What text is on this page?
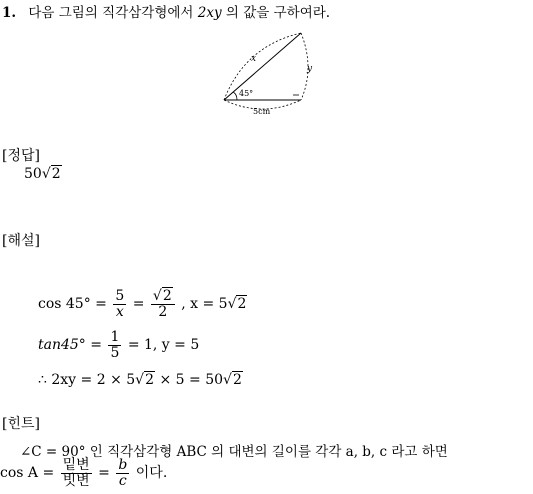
1. 다음 그림의 직각삼각형에서 2xy 의 값을 구하여라.
x
y
45°
5cm
[정답]
50√2
[해설]
$\cos 45^\circ = \frac{5}{x} = \frac{√2}{2}$ , x = 5√2
$\tan 45^\circ = \frac{1}{5} = 1$, y = 5
∴ 2xy = 2 × 5√2 × 5 = 50√2
[힌트]
∠C = 90° 인 직각삼각형 ABC 의 대변의 길이를 각각 a, b, c 라고 하면
$\cos A = \frac{\text{밑변}}{\text{빗변}} = \frac{b}{c}$ 이다.
